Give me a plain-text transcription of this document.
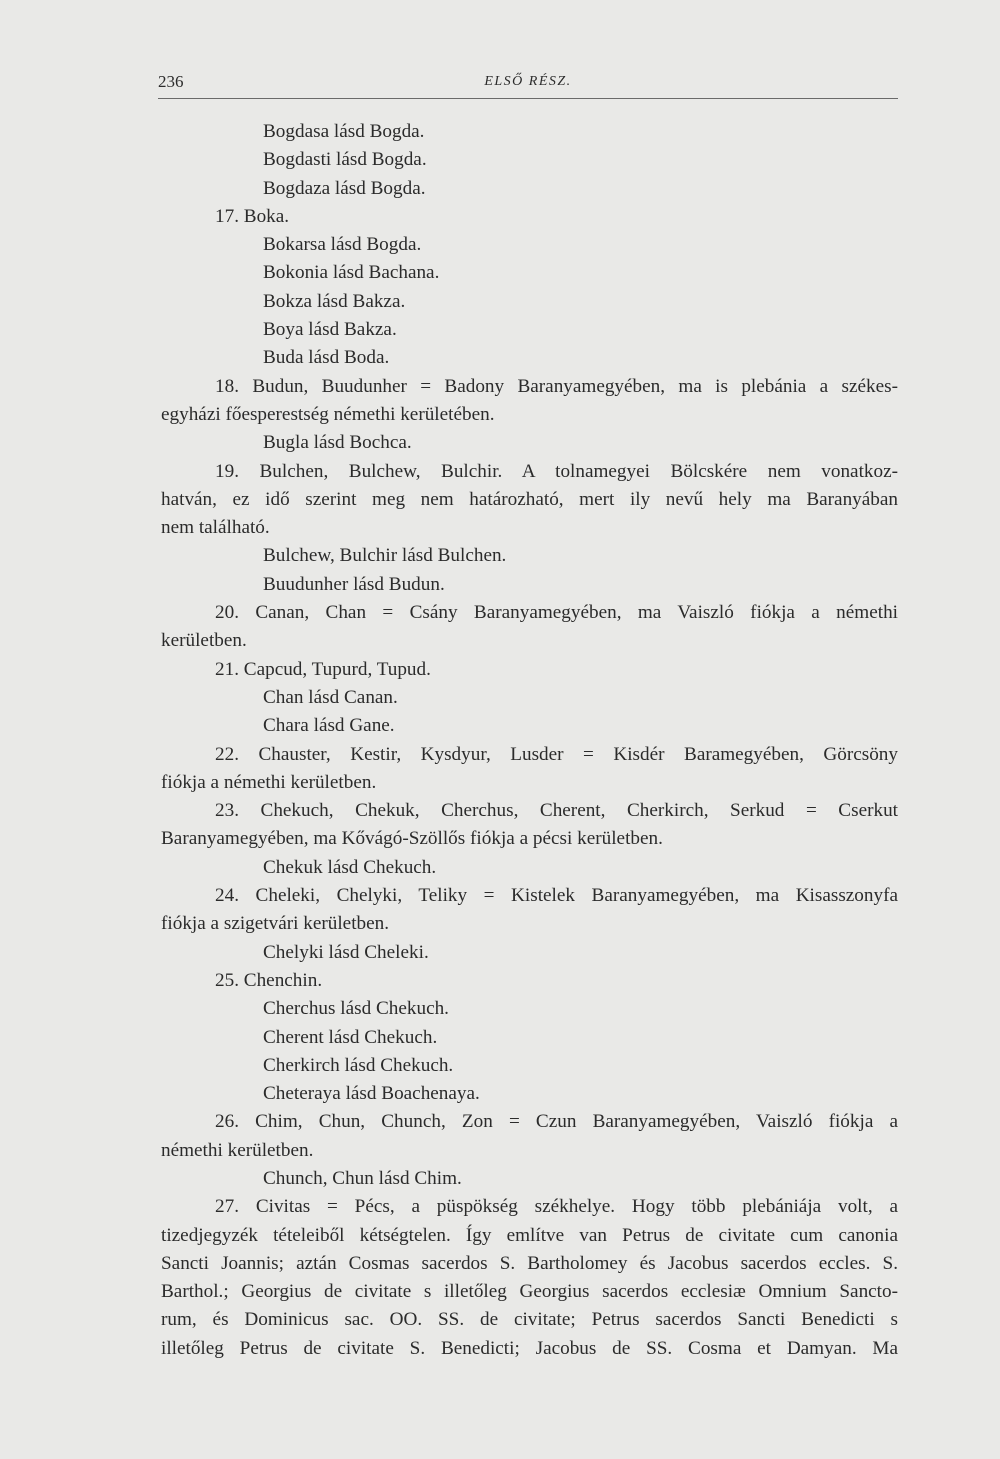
236	ELSŐ RÉSZ.
Bogdasa lásd Bogda.
Bogdasti lásd Bogda.
Bogdaza lásd Bogda.
17. Boka.
Bokarsa lásd Bogda.
Bokonia lásd Bachana.
Bokza lásd Bakza.
Boya lásd Bakza.
Buda lásd Boda.
18. Budun, Buudunher = Badony Baranyamegyében, ma is plebánia a székes-
egyházi főesperestség némethi kerületében.
Bugla lásd Bochca.
19. Bulchen, Bulchew, Bulchir. A tolnamegyei Bölcskére nem vonatkoz-
hatván, ez idő szerint meg nem határozható, mert ily nevű hely ma Baranyában
nem található.
Bulchew, Bulchir lásd Bulchen.
Buudunher lásd Budun.
20. Canan, Chan = Csány Baranyamegyében, ma Vaiszló fiókja a némethi
kerületben.
21. Capcud, Tupurd, Tupud.
Chan lásd Canan.
Chara lásd Gane.
22. Chauster, Kestir, Kysdyur, Lusder = Kisdér Baramegyében, Görcsöny
fiókja a némethi kerületben.
23. Chekuch, Chekuk, Cherchus, Cherent, Cherkirch, Serkud = Cserkut
Baranyamegyében, ma Kővágó-Szöllős fiókja a pécsi kerületben.
Chekuk lásd Chekuch.
24. Cheleki, Chelyki, Teliky = Kistelek Baranyamegyében, ma Kisasszonyfa
fiókja a szigetvári kerületben.
Chelyki lásd Cheleki.
25. Chenchin.
Cherchus lásd Chekuch.
Cherent lásd Chekuch.
Cherkirch lásd Chekuch.
Cheteraya lásd Boachenaya.
26. Chim, Chun, Chunch, Zon = Czun Baranyamegyében, Vaiszló fiókja a
némethi kerületben.
Chunch, Chun lásd Chim.
27. Civitas = Pécs, a püspökség székhelye. Hogy több plebániája volt, a
tizedjegyzék tételeiből kétségtelen. Így említve van Petrus de civitate cum canonia
Sancti Joannis; aztán Cosmas sacerdos S. Bartholomey és Jacobus sacerdos eccles. S.
Barthol.; Georgius de civitate s illetőleg Georgius sacerdos ecclesiæ Omnium Sancto-
rum, és Dominicus sac. OO. SS. de civitate; Petrus sacerdos Sancti Benedicti s
illetőleg Petrus de civitate S. Benedicti; Jacobus de SS. Cosma et Damyan. Ma
